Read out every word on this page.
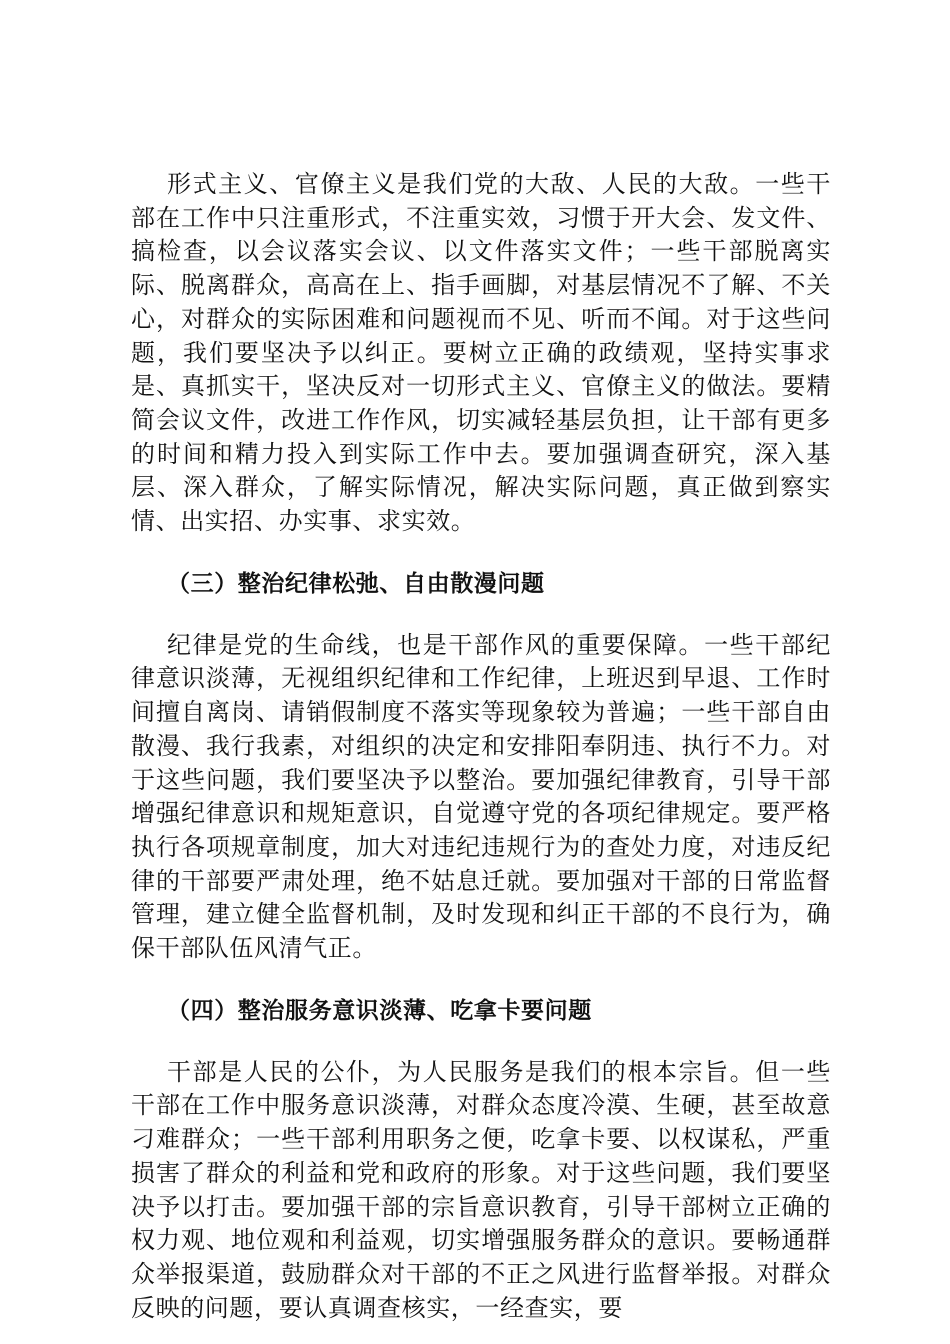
形式主义、官僚主义是我们党的大敌、人民的大敌。一些干部在工作中只注重形式，不注重实效，习惯于开大会、发文件、搞检查，以会议落实会议、以文件落实文件；一些干部脱离实际、脱离群众，高高在上、指手画脚，对基层情况不了解、不关心，对群众的实际困难和问题视而不见、听而不闻。对于这些问题，我们要坚决予以纠正。要树立正确的政绩观，坚持实事求是、真抓实干，坚决反对一切形式主义、官僚主义的做法。要精简会议文件，改进工作作风，切实减轻基层负担，让干部有更多的时间和精力投入到实际工作中去。要加强调查研究，深入基层、深入群众，了解实际情况，解决实际问题，真正做到察实情、出实招、办实事、求实效。

（三）整治纪律松弛、自由散漫问题

纪律是党的生命线，也是干部作风的重要保障。一些干部纪律意识淡薄，无视组织纪律和工作纪律，上班迟到早退、工作时间擅自离岗、请销假制度不落实等现象较为普遍；一些干部自由散漫、我行我素，对组织的决定和安排阳奉阴违、执行不力。对于这些问题，我们要坚决予以整治。要加强纪律教育，引导干部增强纪律意识和规矩意识，自觉遵守党的各项纪律规定。要严格执行各项规章制度，加大对违纪违规行为的查处力度，对违反纪律的干部要严肃处理，绝不姑息迁就。要加强对干部的日常监督管理，建立健全监督机制，及时发现和纠正干部的不良行为，确保干部队伍风清气正。

（四）整治服务意识淡薄、吃拿卡要问题

干部是人民的公仆，为人民服务是我们的根本宗旨。但一些干部在工作中服务意识淡薄，对群众态度冷漠、生硬，甚至故意刁难群众；一些干部利用职务之便，吃拿卡要、以权谋私，严重损害了群众的利益和党和政府的形象。对于这些问题，我们要坚决予以打击。要加强干部的宗旨意识教育，引导干部树立正确的权力观、地位观和利益观，切实增强服务群众的意识。要畅通群众举报渠道，鼓励群众对干部的不正之风进行监督举报。对群众反映的问题，要认真调查核实，一经查实，要
